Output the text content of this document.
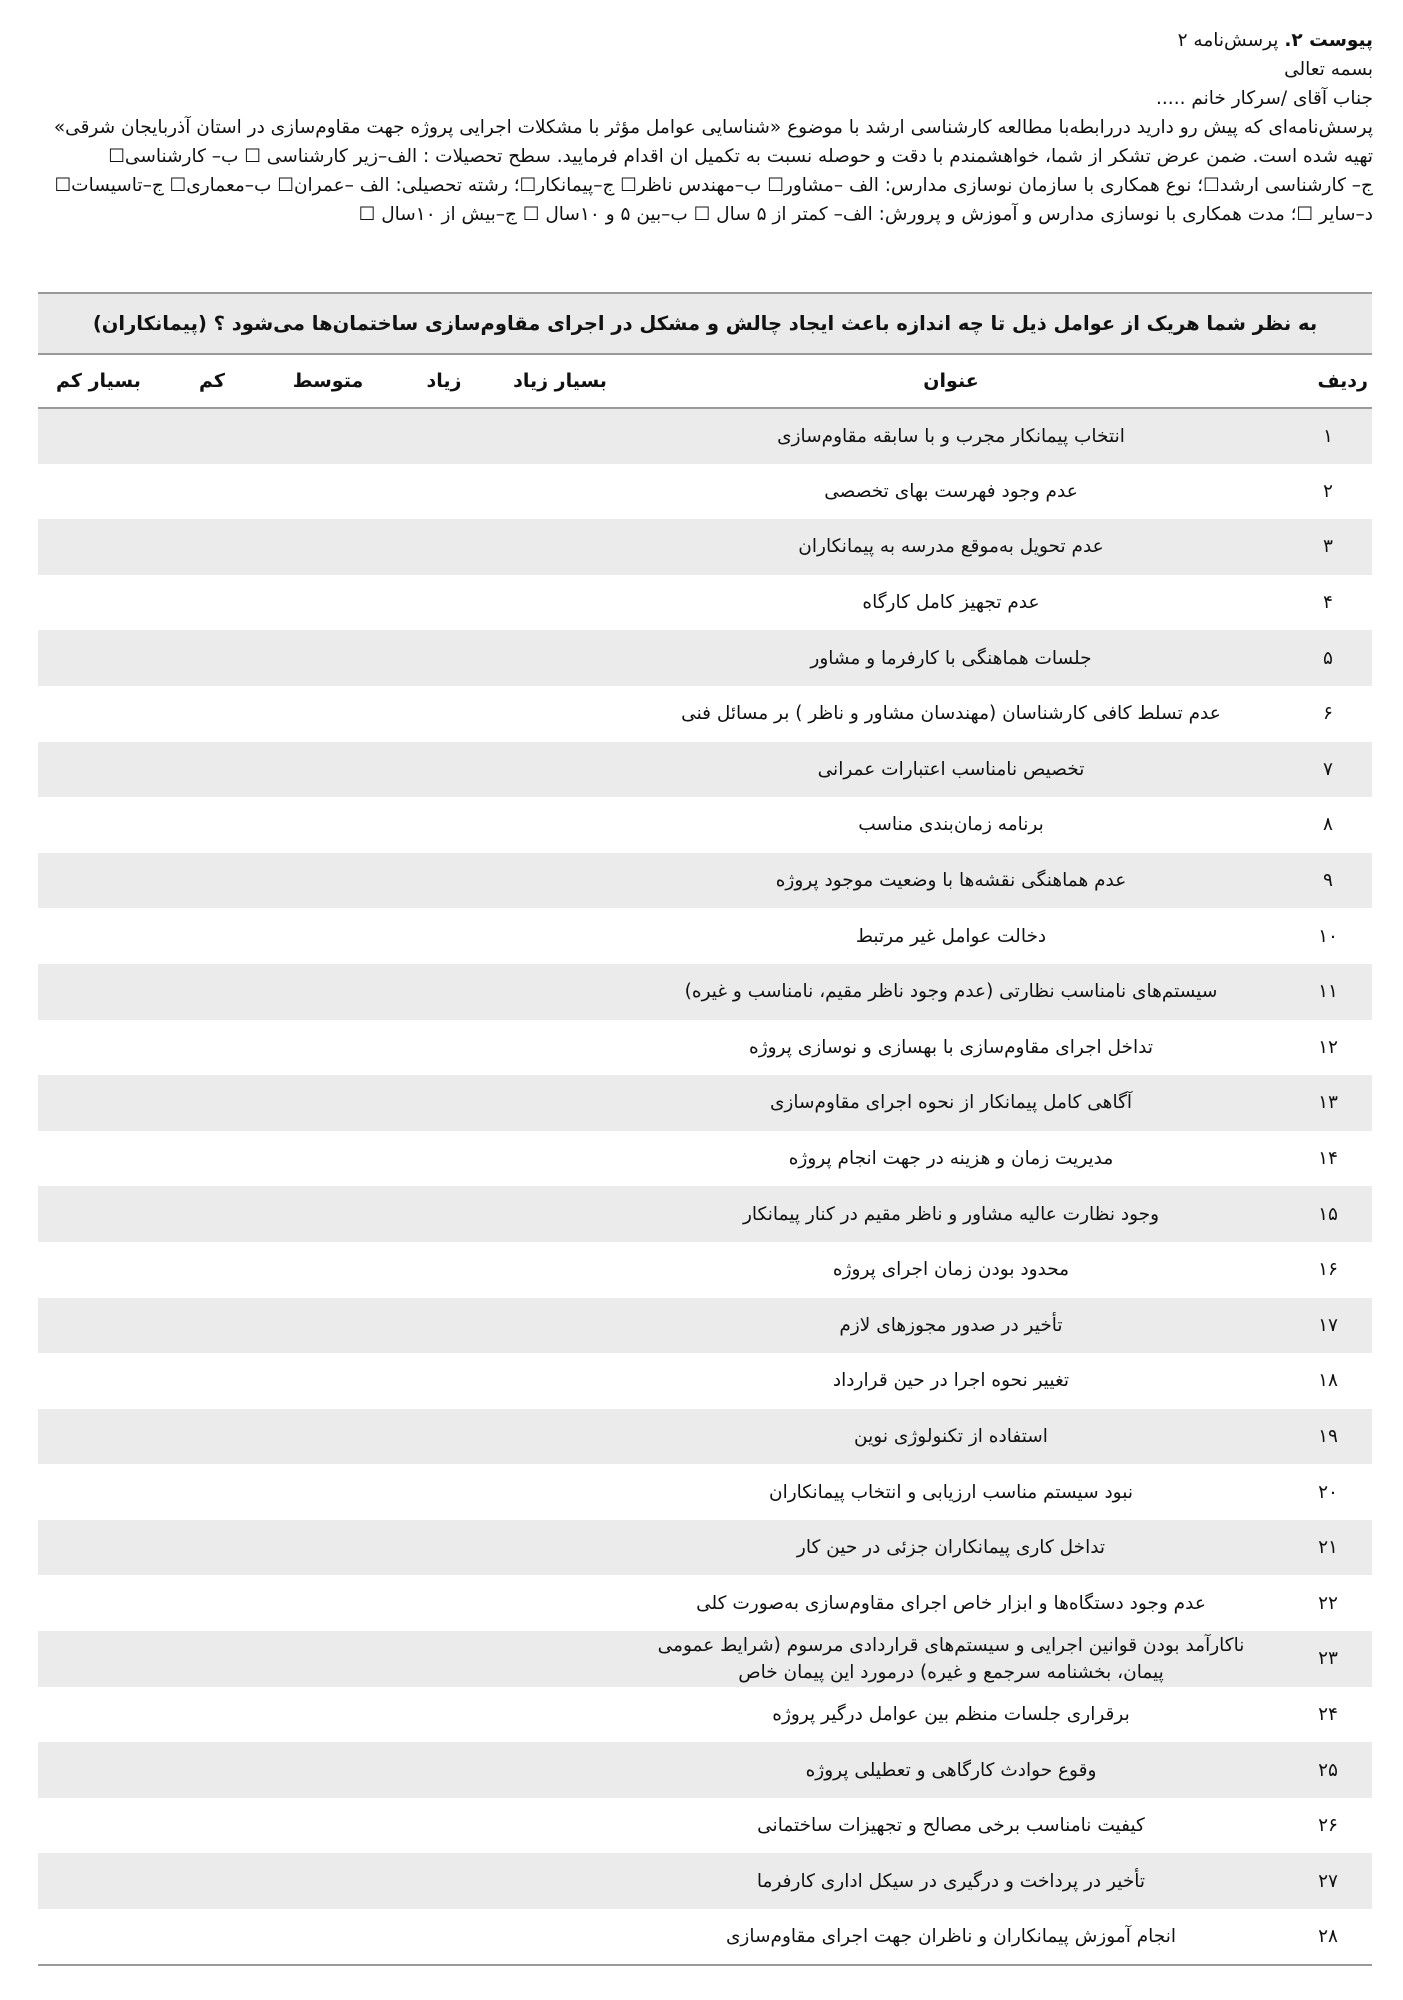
پیوست ۲. پرسش‌نامه ۲
بسمه تعالی
جناب آقای /سرکار خانم .....
پرسش‌نامه‌ای که پیش رو دارید دررابطه‌با مطالعه کارشناسی ارشد با موضوع «شناسایی عوامل مؤثر با مشکلات اجرایی پروژه جهت مقاوم‌سازی در استان آذربایجان شرقی»
تهیه شده است. ضمن عرض تشکر از شما، خواهشمندم با دقت و حوصله نسبت به تکمیل ان اقدام فرمایید. سطح تحصیلات : الف–زیر کارشناسی ☐ ب– کارشناسی☐
ج– کارشناسی ارشد☐؛ نوع همکاری با سازمان نوسازی مدارس: الف –مشاور☐ ب–مهندس ناظر☐ ج–پیمانکار☐؛ رشته تحصیلی: الف –عمران☐ ب–معماری☐ ج–تاسیسات☐
د–سایر ☐؛ مدت همکاری با نوسازی مدارس و آموزش و پرورش: الف– کمتر از ۵ سال ☐ ب–بین ۵ و ۱۰سال ☐ ج–بیش از ۱۰سال ☐
به نظر شما هریک از عوامل ذیل تا چه اندازه باعث ایجاد چالش و مشکل در اجرای مقاوم‌سازی ساختمان‌ها می‌شود ؟ (پیمانکاران)						
ردیف	عنوان	بسیار زیاد	زیاد	متوسط	کم	بسیار کم
۱	انتخاب پیمانکار مجرب و با سابقه مقاوم‌سازی					
۲	عدم وجود فهرست بهای تخصصی					
۳	عدم تحویل به‌موقع مدرسه به پیمانکاران					
۴	عدم تجهیز کامل کارگاه					
۵	جلسات هماهنگی با کارفرما و مشاور					
۶	عدم تسلط کافی کارشناسان (مهندسان مشاور و ناظر ) بر مسائل فنی					
۷	تخصیص نامناسب اعتبارات عمرانی					
۸	برنامه زمان‌بندی مناسب					
۹	عدم هماهنگی نقشه‌ها با وضعیت موجود پروژه					
۱۰	دخالت عوامل غیر مرتبط					
۱۱	سیستم‌های نامناسب نظارتی (عدم وجود ناظر مقیم، نامناسب و غیره)					
۱۲	تداخل اجرای مقاوم‌سازی با بهسازی و نوسازی پروژه					
۱۳	آگاهی کامل پیمانکار از نحوه اجرای مقاوم‌سازی					
۱۴	مدیریت زمان و هزینه در جهت انجام پروژه					
۱۵	وجود نظارت عالیه مشاور و ناظر مقیم در کنار پیمانکار					
۱۶	محدود بودن زمان اجرای پروژه					
۱۷	تأخیر در صدور مجوزهای لازم					
۱۸	تغییر نحوه اجرا در حین قرارداد					
۱۹	استفاده از تکنولوژی نوین					
۲۰	نبود سیستم مناسب ارزیابی و انتخاب پیمانکاران					
۲۱	تداخل کاری پیمانکاران جزئی در حین کار					
۲۲	عدم وجود دستگاه‌ها و ابزار خاص اجرای مقاوم‌سازی به‌صورت کلی					
۲۳	ناکارآمد بودن قوانین اجرایی و سیستم‌های قراردادی مرسوم (شرایط عمومی
پیمان، بخشنامه سرجمع و غیره) درمورد این پیمان خاص					

۲۴	برقراری جلسات منظم بین عوامل درگیر پروژه					
۲۵	وقوع حوادث کارگاهی و تعطیلی پروژه					
۲۶	کیفیت نامناسب برخی مصالح و تجهیزات ساختمانی					
۲۷	تأخیر در پرداخت و درگیری در سیکل اداری کارفرما					
۲۸	انجام آموزش پیمانکاران و ناظران جهت اجرای مقاوم‌سازی					
